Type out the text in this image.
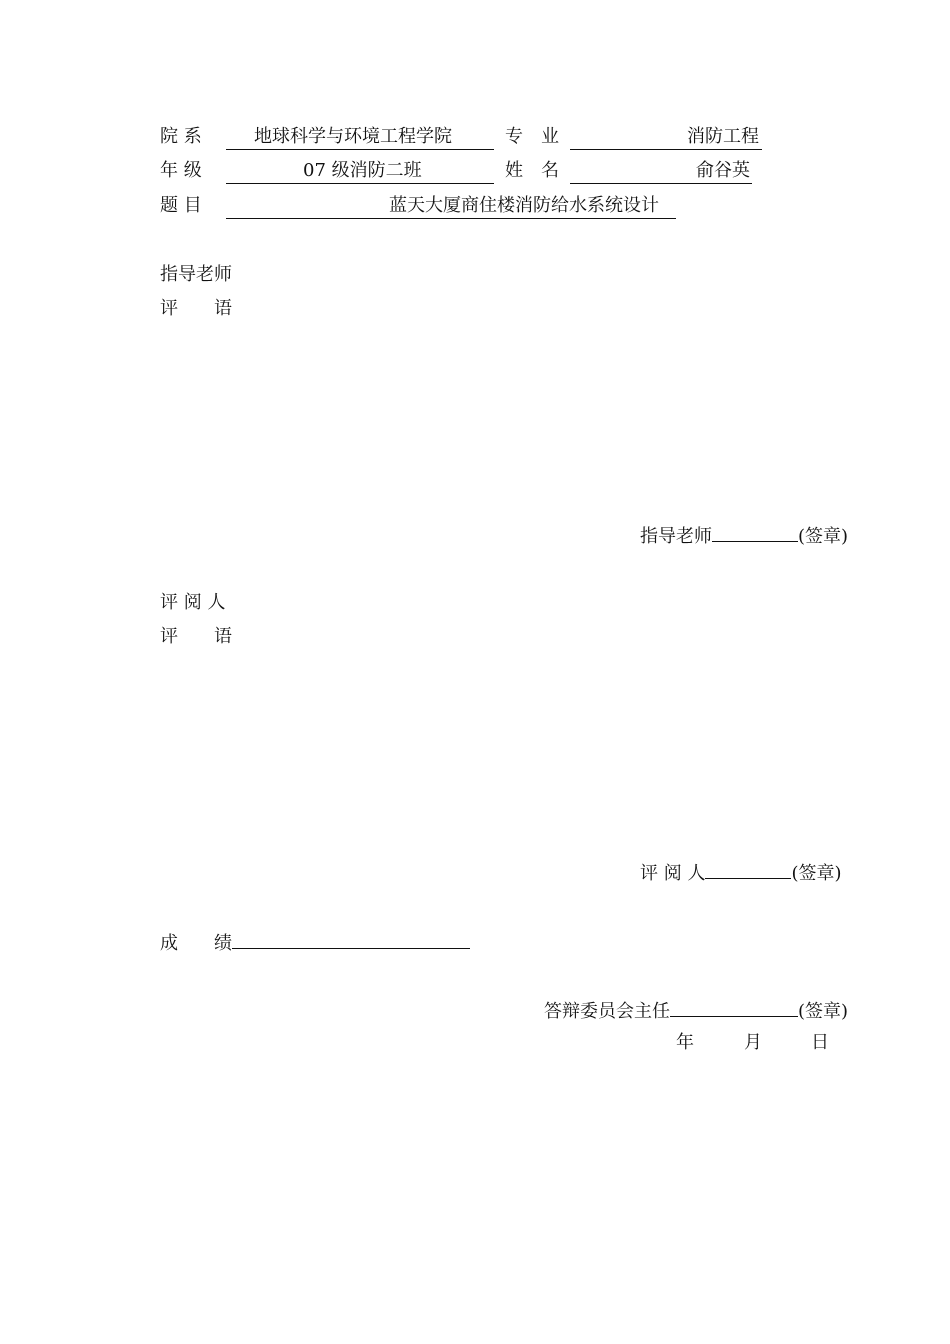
院 系	地球科学与环境工程学院	专　业	消防工程
年 级	07 级消防二班	姓　名	俞谷英
题 目	蓝天大厦商住楼消防给水系统设计
指导老师
评　　语
指导老师	(签章)
评 阅 人
评　　语
评 阅 人	(签章)
成　　绩
答辩委员会主任	(签章)
年	月	日
